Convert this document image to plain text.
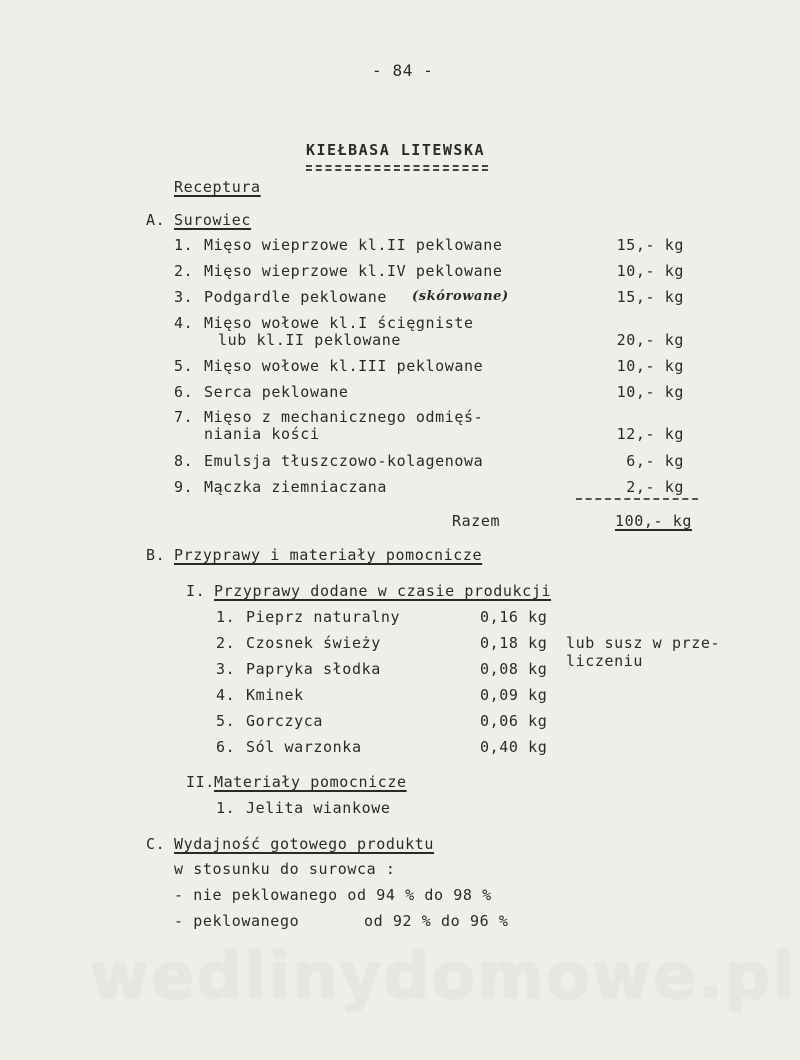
- 84 -
KIEŁBASA LITEWSKA
Receptura
A. Surowiec
1. Mięso wieprzowe kl.II peklowane	15,- kg
2. Mięso wieprzowe kl.IV peklowane	10,- kg
3. Podgardle peklowane (skórowane)	15,- kg
4. Mięso wołowe kl.I ścięgniste
lub kl.II peklowane	20,- kg
5. Mięso wołowe kl.III peklowane	10,- kg
6. Serca peklowane	10,- kg
7. Mięso z mechanicznego odmięś-
niania kości	12,- kg
8. Emulsja tłuszczowo-kolagenowa	6,- kg
9. Mączka ziemniaczana	2,- kg
Razem	100,- kg
B. Przyprawy i materiały pomocnicze
I. Przyprawy dodane w czasie produkcji
1. Pieprz naturalny	0,16 kg
2. Czosnek świeży	0,18 kg lub susz w prze-
liczeniu
3. Papryka słodka	0,08 kg
4. Kminek	0,09 kg
5. Gorczyca	0,06 kg
6. Sól warzonka	0,40 kg
II. Materiały pomocnicze
1. Jelita wiankowe
C. Wydajność gotowego produktu
w stosunku do surowca :
- nie peklowanego od 94 % do 98 %
- peklowanego	od 92 % do 96 %
wedlinydomowe.pl
